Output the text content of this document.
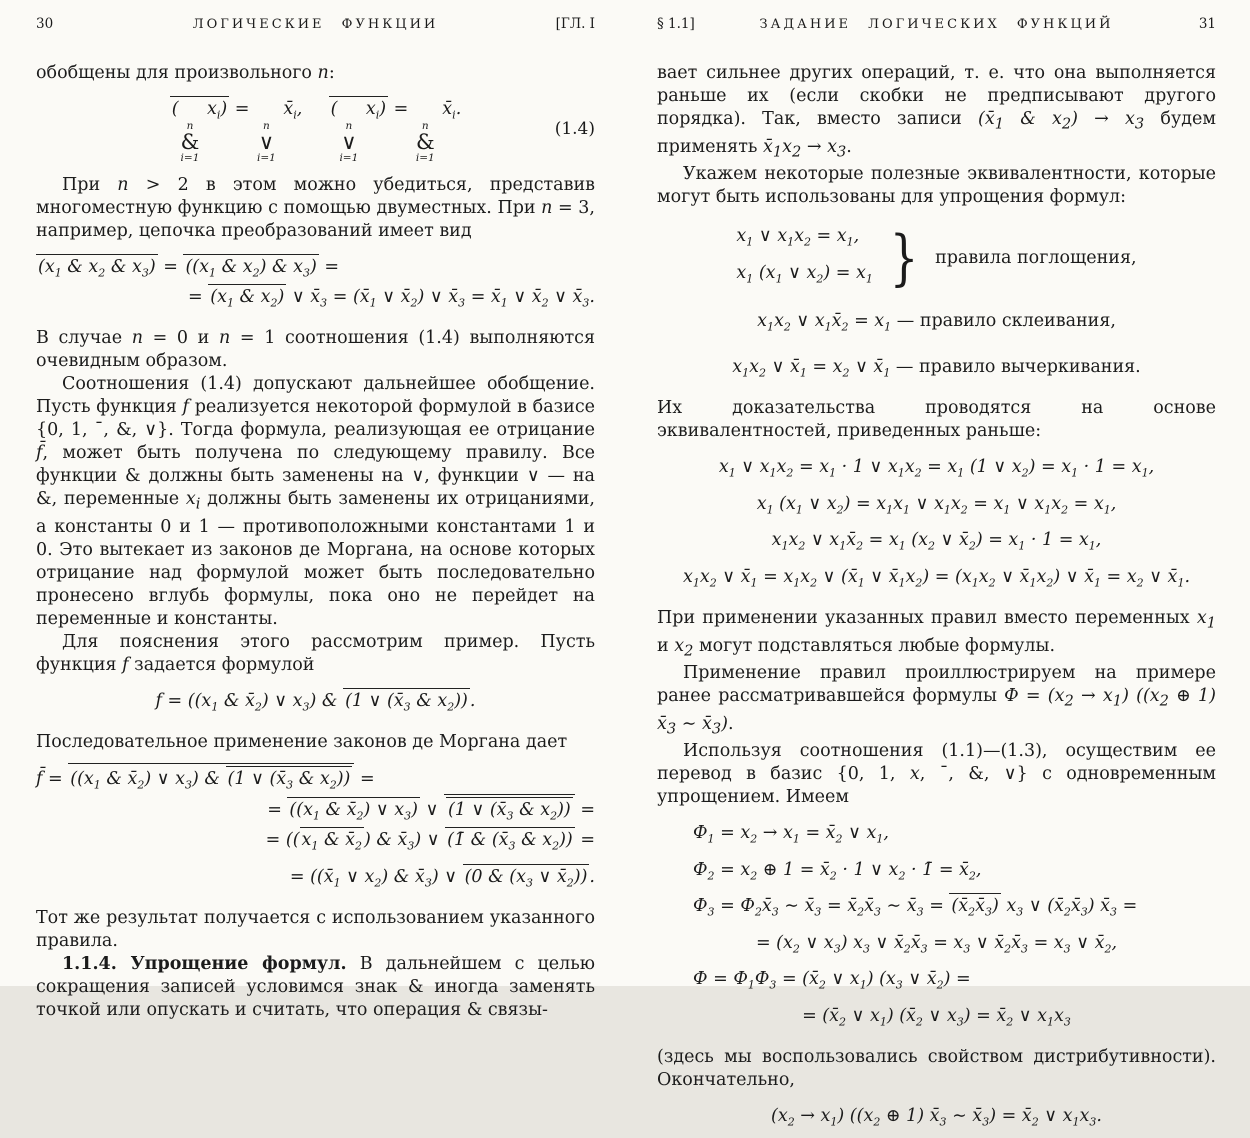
30	ЛОГИЧЕСКИЕ ФУНКЦИИ	[ГЛ. I

обобщены для произвольного n:

(
n
&
i=1
$x_i$) =
n
∨
i=1
$x̄_i$,  (
n
∨
i=1
$x_i$) =
n
&
i=1
$x̄_i$.
(1.4)

При n > 2 в этом можно убедиться, представив многоместную функцию с помощью двуместных. При n = 3, например, цепочка преобразований имеет вид

($x_1$ & $x_2$ & $x_3) = ((x_1$ & $x_2$) & $x_3$) =
= ($x_1$ & $x_2$) ∨ $x̄_3$ = ($x̄_1$ ∨ $x̄_2$) ∨ $x̄_3$ = $x̄_1$ ∨ $x̄_2$ ∨ $x̄_3$.

В случае n = 0 и n = 1 соотношения (1.4) выполняются очевидным образом.

Соотношения (1.4) допускают дальнейшее обобщение. Пусть функция f реализуется некоторой формулой в базисе {0, 1, ¯, &, ∨}. Тогда формула, реализующая ее отрицание f̄, может быть получена по следующему правилу. Все функции & должны быть заменены на ∨, функции ∨ — на &, переменные $x_i$ должны быть заменены их отрицаниями, а константы 0 и 1 — противоположными константами 1 и 0. Это вытекает из законов де Моргана, на основе которых отрицание над формулой может быть последовательно пронесено вглубь формулы, пока оно не перейдет на переменные и константы.

Для пояснения этого рассмотрим пример. Пусть функция f задается формулой

$f = ((x_1$ & $x̄_2$) ∨ $x_3$) & (1 ∨ ($x̄_3$ & $x_2$)) .

Последовательное применение законов де Моргана дает

f̄ = (($x_1$ & $x̄_2$) ∨ $x_3$) & (1 ∨ ($x̄_3$ & $x_2$)) =
= (($x_1$ & $x̄_2$) ∨ $x_3$) ∨ (1 ∨ ($x̄_3$ & $x_2$)) =
= (( $x_1$ & $x̄_2$ ) & $x̄_3$) ∨ (1̄ & ($x̄_3$ & $x_2$)) =
= (($x̄_1$ ∨ $x_2$) & $x̄_3$) ∨ (0 & ($x_3$ ∨ $x̄_2$)) .

Тот же результат получается с использованием указанного правила.

1.1.4. Упрощение формул. В дальнейшем с целью сокращения записей условимся знак & иногда заменять точкой или опускать и считать, что операция & связы-

§ 1.1]	ЗАДАНИЕ ЛОГИЧЕСКИХ ФУНКЦИЙ	31

вает сильнее других операций, т. е. что она выполняется раньше их (если скобки не предписывают другого порядка). Так, вместо записи ($x̄_1$ & $x_2) \to x_3$ будем применять $x̄_1x_2 \to x_3$.

Укажем некоторые полезные эквивалентности, которые могут быть использованы для упрощения формул:

$x_1$ ∨ $x_1x_2 = x_1$,
$x_1$ ($x_1$ ∨ $x_2) = x_1$ } правила поглощения,
$x_1x_2$ ∨ $x_1x̄_2 = x_1$ — правило склеивания,
$x_1x_2$ ∨ $x̄_1 = x_2$ ∨ $x̄_1$ — правило вычеркивания.

Их доказательства проводятся на основе эквивалентностей, приведенных раньше:

$x_1$ ∨ $x_1x_2 = x_1 \cdot 1$ ∨ $x_1x_2 = x_1$ (1 ∨ $x_2) = x_1 \cdot 1 = x_1$,
$x_1$ ($x_1$ ∨ $x_2) = x_1x_1$ ∨ $x_1x_2 = x_1$ ∨ $x_1x_2 = x_1$,
$x_1x_2$ ∨ $x_1x̄_2 = x_1$ ($x_2$ ∨ $x̄_2) = x_1 \cdot 1 = x_1$,
$x_1x_2$ ∨ $x̄_1 = x_1x_2$ ∨ ($x̄_1$ ∨ $x̄_1x_2) = (x_1x_2$ ∨ $x̄_1x_2$) ∨ $x̄_1 = x_2$ ∨ $x̄_1$.

При применении указанных правил вместо переменных $x_1$ и $x_2$ могут подставляться любые формулы.

Применение правил проиллюстрируем на примере ранее рассматривавшейся формулы $Ф = (x_2 \to x_1)$ (($x_2$ ⊕ 1) $x̄_3$ ∼ $x̄_3$).

Используя соотношения (1.1)—(1.3), осуществим ее перевод в базис {0, 1, x, ¯, &, ∨} с одновременным упрощением. Имеем

$Ф_1 = x_2 \to x_1$ = $x̄_2$ ∨ $x_1$,
$Ф_2 = x_2$ ⊕ $1 = x̄_2 \cdot 1$ ∨ $x_2$ · 1̄ = $x̄_2$,
$Ф_3$ = $Ф_2x̄_3$ ∼ $x̄_3$ = $x̄_2x̄_3$ ∼ $x̄_3$ = $(x̄_2x̄_3)$ $x_3$ ∨ $(x̄_2x̄_3)$ $x̄_3$ =
= ($x_2$ ∨ $x_3$) $x_3$ ∨ $x̄_2x̄_3 = x_3$ ∨ $x̄_2x̄_3 = x_3$ ∨ $x̄_2$,
$Ф = Ф_1Ф_3$ = ($x̄_2$ ∨ $x_1$) ($x_3$ ∨ $x̄_2$) =
= ($x̄_2$ ∨ $x_1$) ($x̄_2$ ∨ $x_3$) = $x̄_2$ ∨ $x_1x_3$

(здесь мы воспользовались свойством дистрибутивности). Окончательно,

$(x_2 \to x_1)$ (($x_2$ ⊕ 1) $x̄_3$ ∼ $x̄_3$) = $x̄_2$ ∨ $x_1x_3$.
